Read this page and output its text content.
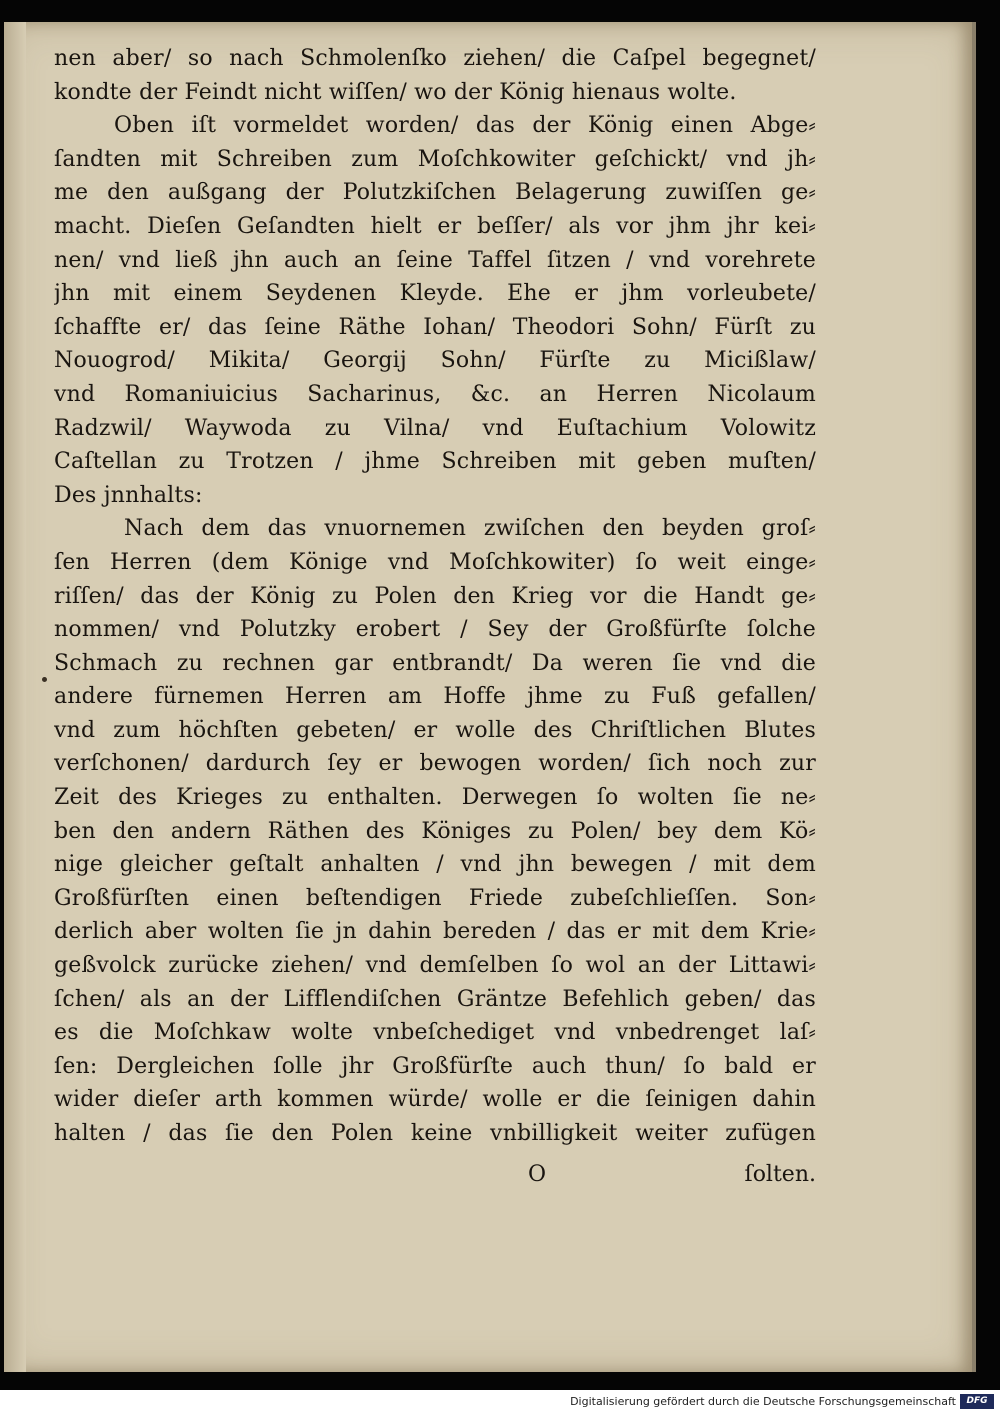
nen aber/ so nach Schmolenſko ziehen/ die Caſpel begegnet/
kondte der Feindt nicht wiſſen/ wo der König hienaus wolte.
Oben iſt vormeldet worden/ das der König einen Abge⸗
ſandten mit Schreiben zum Moſchkowiter geſchickt/ vnd jh⸗
me den außgang der Polutzkiſchen Belagerung zuwiſſen ge⸗
macht. Dieſen Geſandten hielt er beſſer/ als vor jhm jhr kei⸗
nen/ vnd ließ jhn auch an ſeine Taffel ſitzen / vnd vorehrete
jhn mit einem Seydenen Kleyde. Ehe er jhm vorleubete/
ſchaffte er/ das ſeine Räthe Iohan/ Theodori Sohn/ Fürſt zu
Nouogrod/ Mikita/ Georgij Sohn/ Fürſte zu Micißlaw/
vnd Romaniuicius Sacharinus, &c. an Herren Nicolaum
Radzwil/ Waywoda zu Vilna/ vnd Euſtachium Volowitz
Caſtellan zu Trotzen / jhme Schreiben mit geben muſten/
Des jnnhalts:
Nach dem das vnuornemen zwiſchen den beyden groſ⸗
ſen Herren (dem Könige vnd Moſchkowiter) ſo weit einge⸗
riſſen/ das der König zu Polen den Krieg vor die Handt ge⸗
nommen/ vnd Polutzky erobert / Sey der Großfürſte ſolche
Schmach zu rechnen gar entbrandt/ Da weren ſie vnd die
andere fürnemen Herren am Hoffe jhme zu Fuß gefallen/
vnd zum höchſten gebeten/ er wolle des Chriſtlichen Blutes
verſchonen/ dardurch ſey er bewogen worden/ ſich noch zur
Zeit des Krieges zu enthalten. Derwegen ſo wolten ſie ne⸗
ben den andern Räthen des Königes zu Polen/ bey dem Kö⸗
nige gleicher geſtalt anhalten / vnd jhn bewegen / mit dem
Großfürſten einen beſtendigen Friede zubeſchlieſſen. Son⸗
derlich aber wolten ſie jn dahin bereden / das er mit dem Krie⸗
geßvolck zurücke ziehen/ vnd demſelben ſo wol an der Littawi⸗
ſchen/ als an der Lifflendiſchen Gräntze Befehlich geben/ das
es die Moſchkaw wolte vnbeſchediget vnd vnbedrenget laſ⸗
ſen: Dergleichen ſolle jhr Großfürſte auch thun/ ſo bald er
wider dieſer arth kommen würde/ wolle er die ſeinigen dahin
halten / das ſie den Polen keine vnbilligkeit weiter zufügen
O	ſolten.
Digitalisierung gefördert durch die Deutsche Forschungsgemeinschaft	DFG
